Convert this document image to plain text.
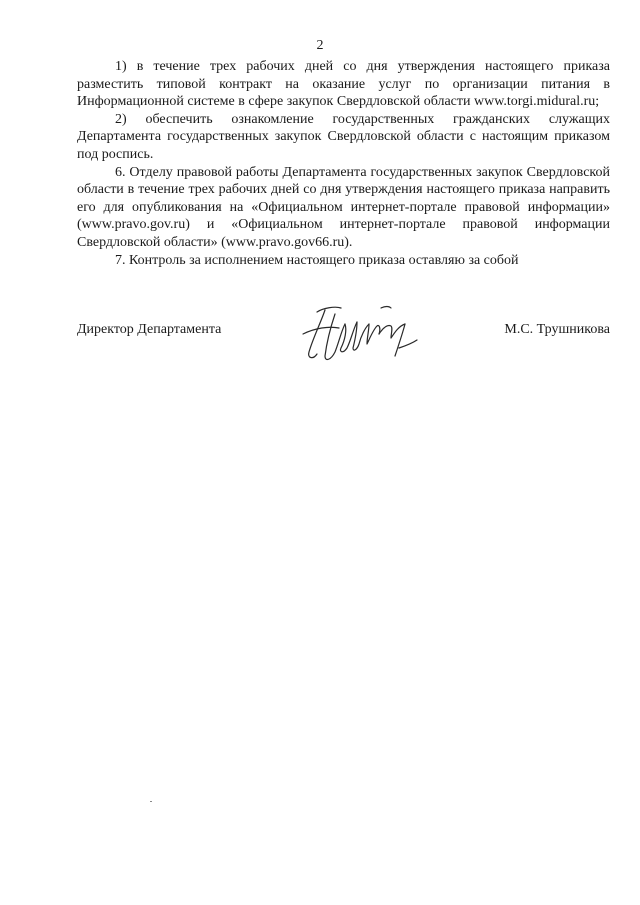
2

1) в течение трех рабочих дней со дня утверждения настоящего приказа разместить типовой контракт на оказание услуг по организации питания в Информационной системе в сфере закупок Свердловской области www.torgi.midural.ru;

2) обеспечить ознакомление государственных гражданских служащих Департамента государственных закупок Свердловской области с настоящим приказом под роспись.

6. Отделу правовой работы Департамента государственных закупок Свердловской области в течение трех рабочих дней со дня утверждения настоящего приказа направить его для опубликования на «Официальном интернет-портале правовой информации» (www.pravo.gov.ru) и «Официальном интернет-портале правовой информации Свердловской области» (www.pravo.gov66.ru).

7. Контроль за исполнением настоящего приказа оставляю за собой

Директор Департамента	М.С. Трушникова
